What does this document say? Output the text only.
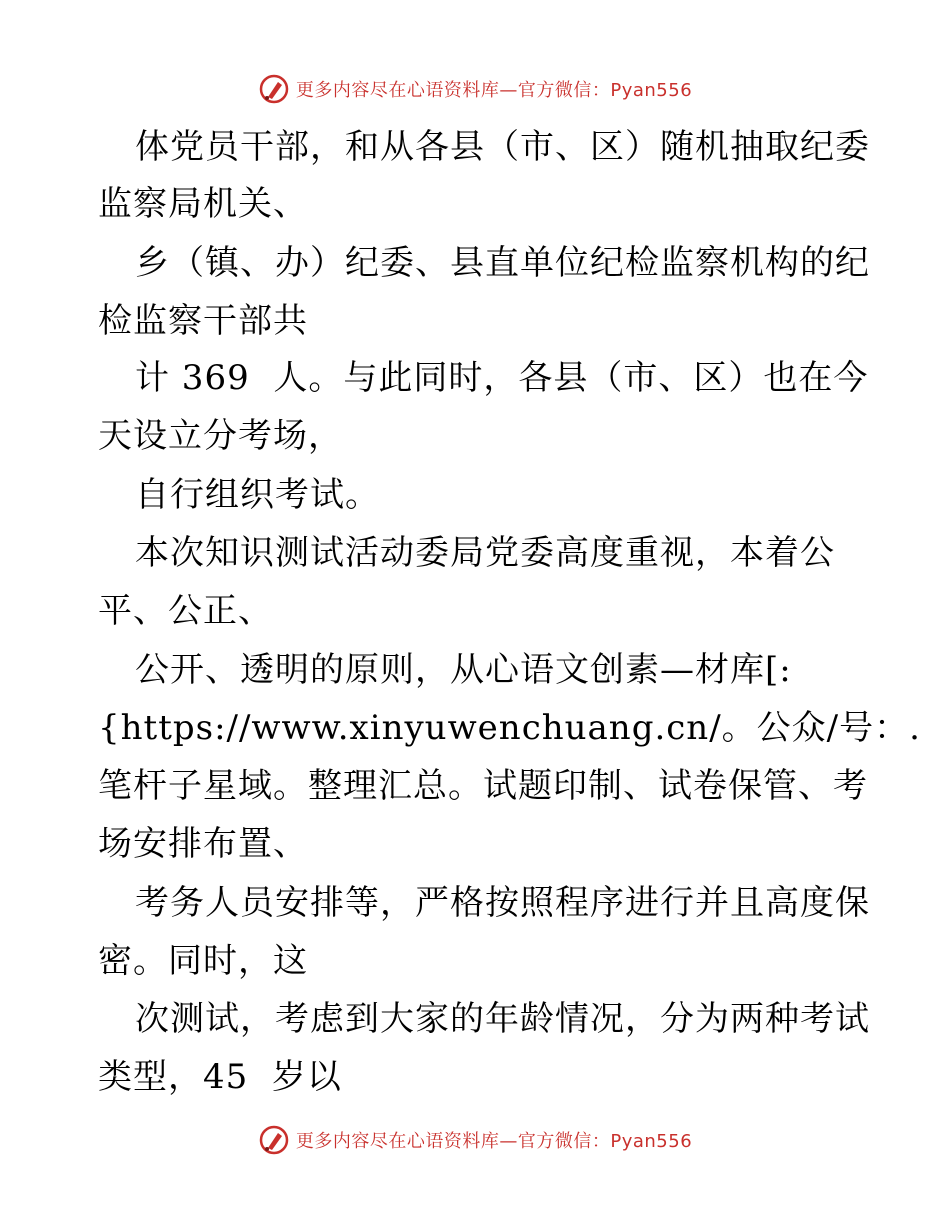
更多内容尽在心语资料库—官方微信：Pyan556
体党员干部，和从各县（市、区）随机抽取纪委
监察局机关、
乡（镇、办）纪委、县直单位纪检监察机构的纪
检监察干部共
计 369  人。与此同时，各县（市、区）也在今
天设立分考场，
自行组织考试。
本次知识测试活动委局党委高度重视，本着公
平、公正、
公开、透明的原则，从心语文创素—材库[:
{https://www.xinyuwenchuang.cn/。公众/号：.
笔杆子星域。整理汇总。试题印制、试卷保管、考
场安排布置、
考务人员安排等，严格按照程序进行并且高度保
密。同时，这
次测试，考虑到大家的年龄情况，分为两种考试
类型，45  岁以
更多内容尽在心语资料库—官方微信：Pyan556
